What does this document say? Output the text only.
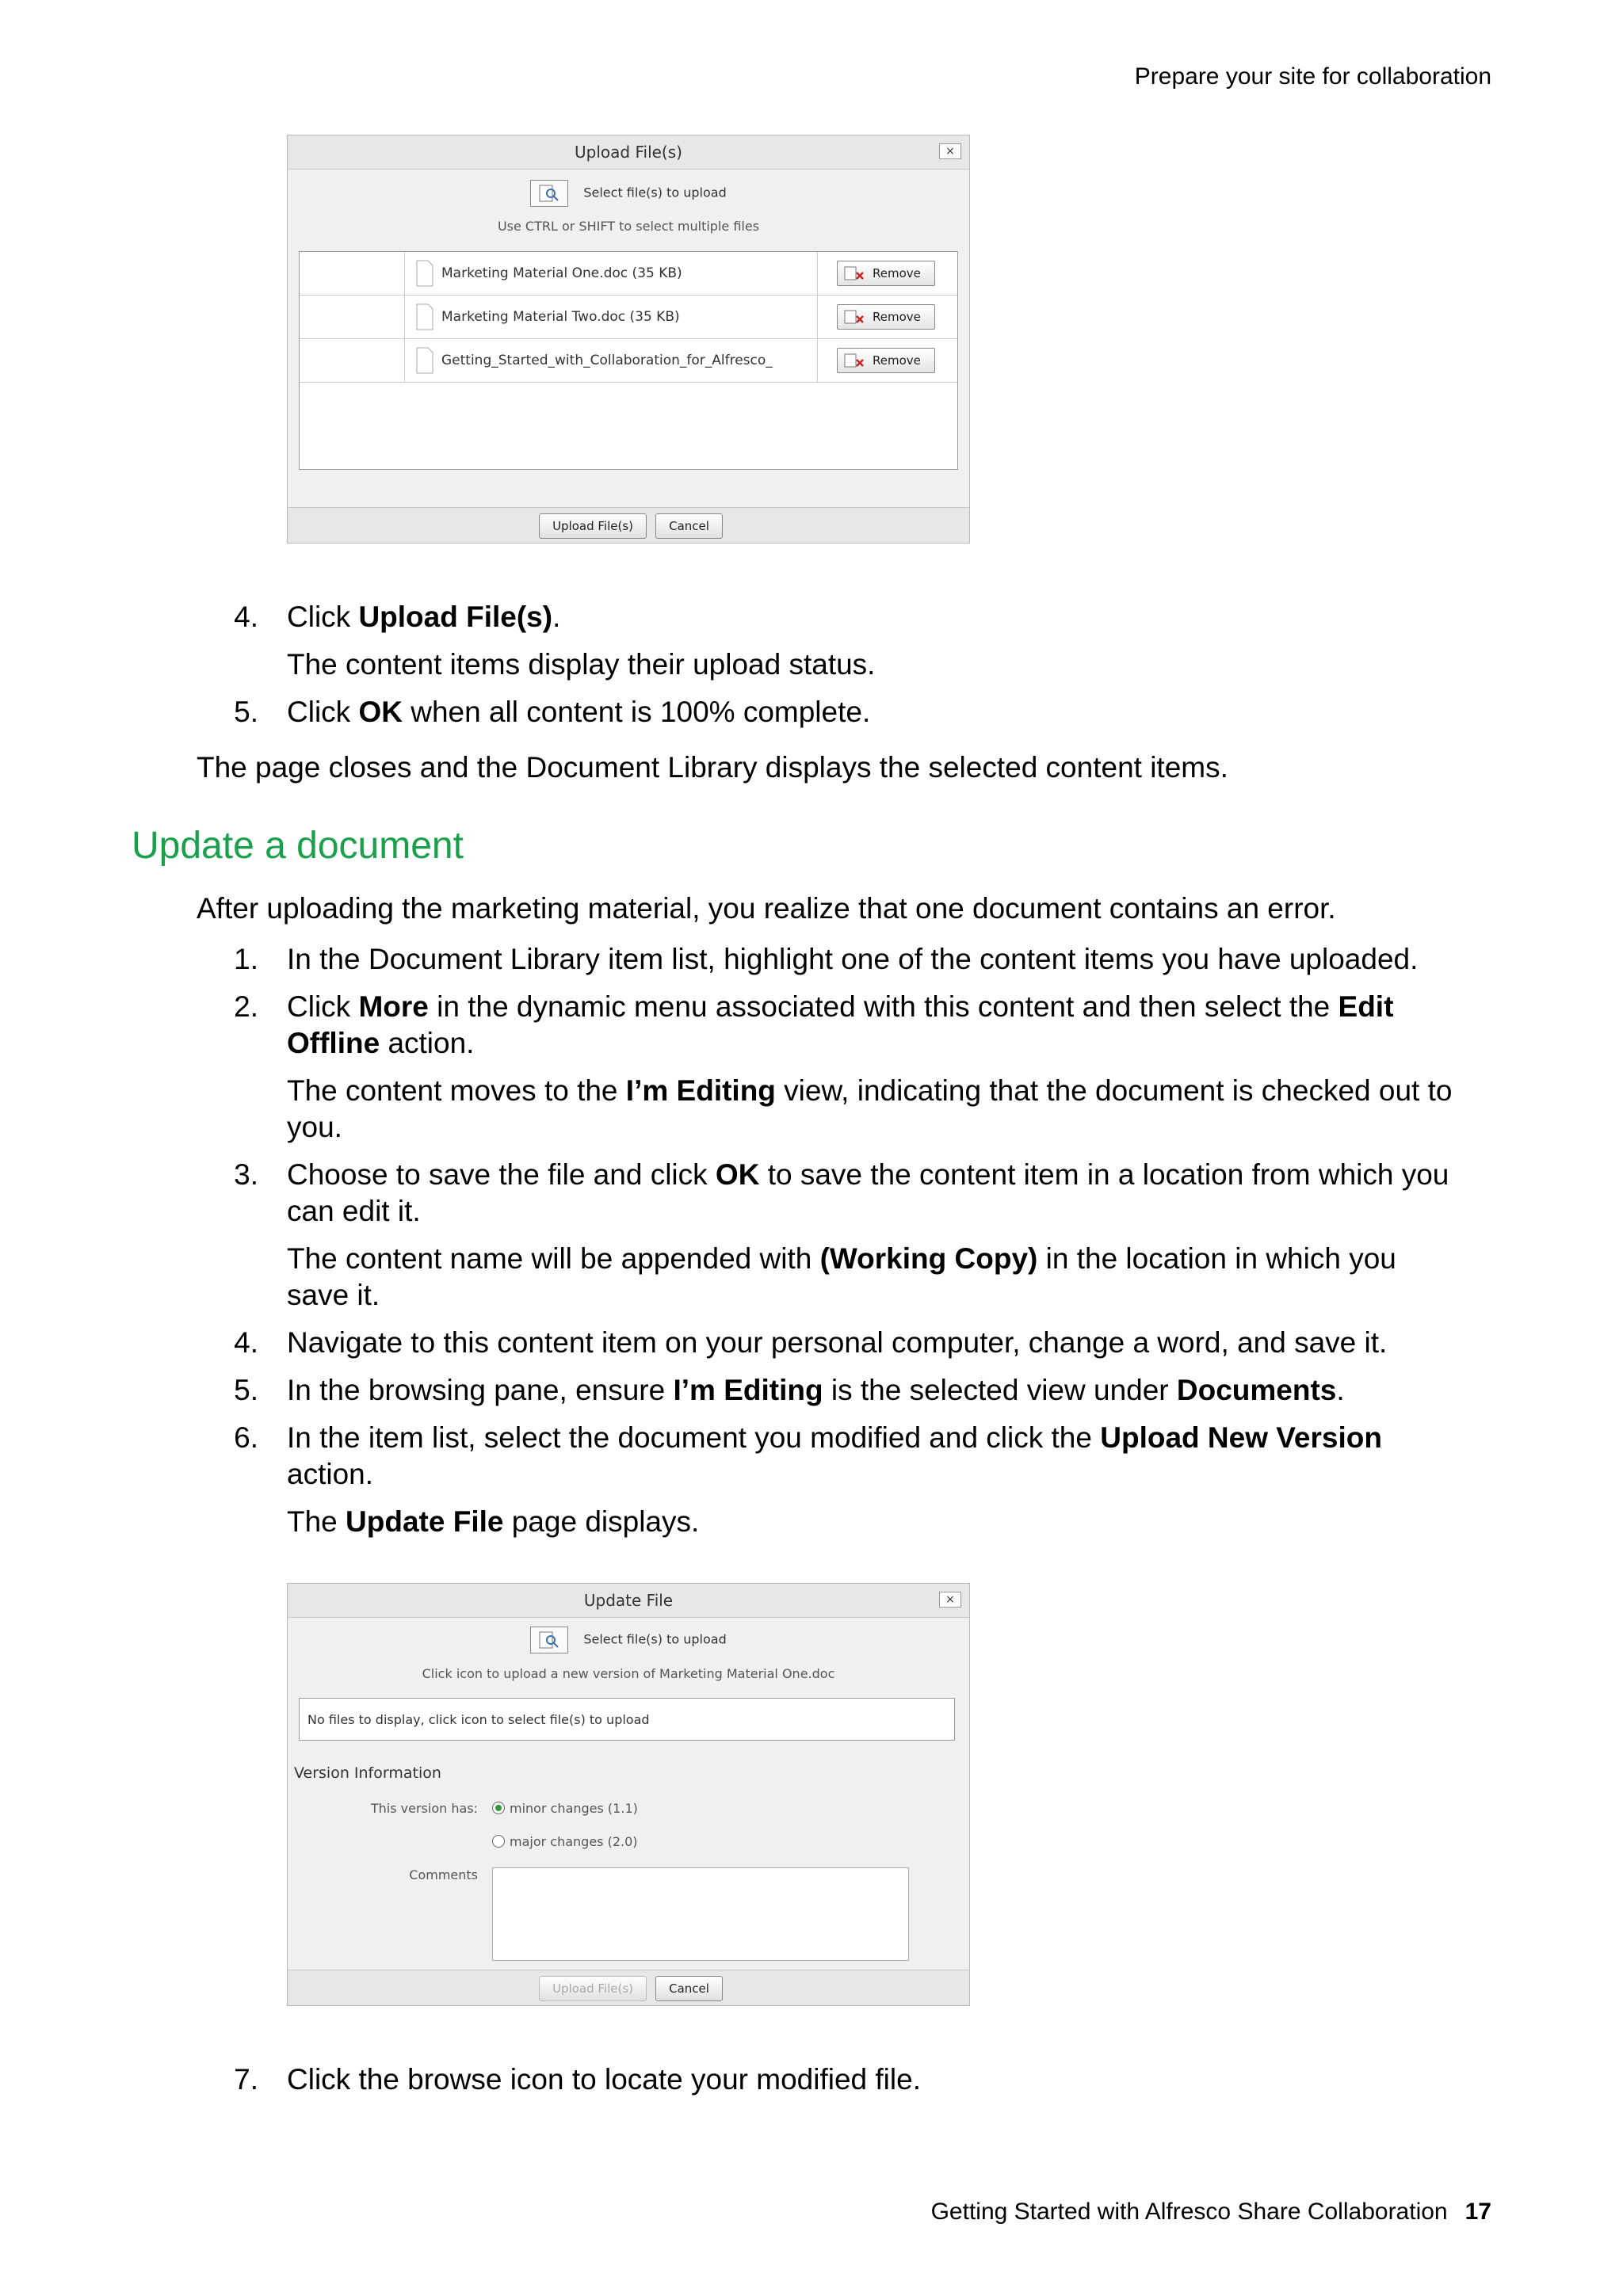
Prepare your site for collaboration
Upload File(s)	×
Select file(s) to upload
Use CTRL or SHIFT to select multiple files
Marketing Material One.doc (35 KB)	Remove
Marketing Material Two.doc (35 KB)	Remove
Getting_Started_with_Collaboration_for_Alfresco_	Remove
Upload File(s)	Cancel
4. Click Upload File(s).
The content items display their upload status.
5. Click OK when all content is 100% complete.
The page closes and the Document Library displays the selected content items.
Update a document
After uploading the marketing material, you realize that one document contains an error.
1. In the Document Library item list, highlight one of the content items you have uploaded.
2. Click More in the dynamic menu associated with this content and then select the Edit
Offline action.
The content moves to the I’m Editing view, indicating that the document is checked out to
you.
3. Choose to save the file and click OK to save the content item in a location from which you
can edit it.
The content name will be appended with (Working Copy) in the location in which you
save it.
4. Navigate to this content item on your personal computer, change a word, and save it.
5. In the browsing pane, ensure I’m Editing is the selected view under Documents.
6. In the item list, select the document you modified and click the Upload New Version
action.
The Update File page displays.
7. Click the browse icon to locate your modified file.
Update File	×
Select file(s) to upload
Click icon to upload a new version of Marketing Material One.doc
No files to display, click icon to select file(s) to upload
Version Information
This version has:	minor changes (1.1)
major changes (2.0)
Comments
Upload File(s)	Cancel
Getting Started with Alfresco Share Collaboration 17
